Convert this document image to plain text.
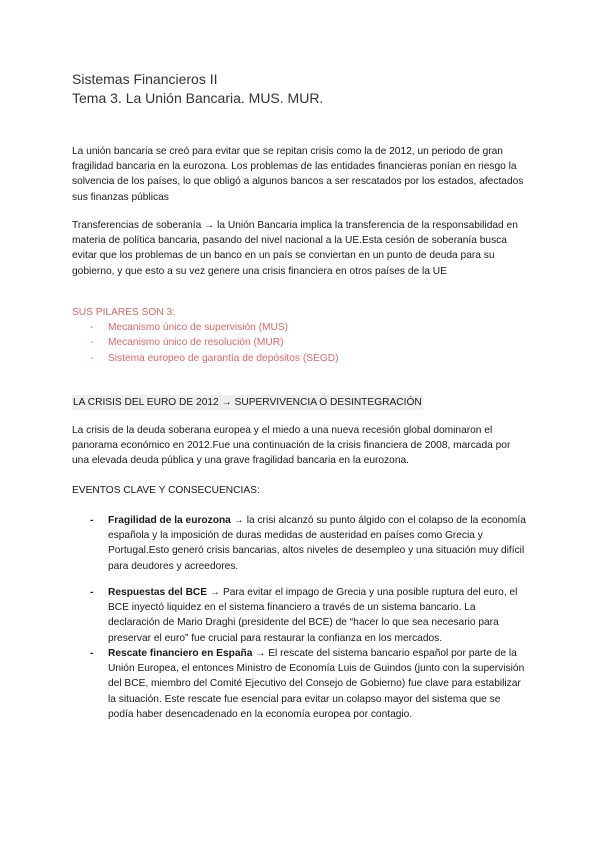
Sistemas Financieros II
Tema 3. La Unión Bancaria. MUS. MUR.
La unión bancaria se creó para evitar que se repitan crisis como la de 2012, un periodo de gran fragilidad bancaria en la eurozona. Los problemas de las entidades financieras ponían en riesgo la solvencia de los países, lo que obligó a algunos bancos a ser rescatados por los estados, afectados sus finanzas públicas
Transferencias de soberanía → la Unión Bancaria implica la transferencia de la responsabilidad en materia de política bancaria, pasando del nivel nacional a la UE.Esta cesión de soberanía busca evitar que los problemas de un banco en un país se conviertan en un punto de deuda para su gobierno, y que esto a su vez genere una crisis financiera en otros países de la UE
SUS PILARES SON 3:
- Mecanismo único de supervisión (MUS)
- Mecanismo único de resolución (MUR)
- Sistema europeo de garantía de depósitos (SEGD)
LA CRISIS DEL EURO DE 2012 → SUPERVIVENCIA O DESINTEGRACIÓN
La crisis de la deuda soberana europea y el miedo a una nueva recesión global dominaron el panorama económico en 2012.Fue una continuación de la crisis financiera de 2008, marcada por una elevada deuda pública y una grave fragilidad bancaria en la eurozona.
EVENTOS CLAVE Y CONSECUENCIAS:
- Fragilidad de la eurozona → la crisi alcanzó su punto álgido con el colapso de la economía española y la imposición de duras medidas de austeridad en países como Grecia y Portugal.Esto generó crisis bancarias, altos niveles de desempleo y una situación muy difícil para deudores y acreedores.
- Respuestas del BCE → Para evitar el impago de Grecia y una posible ruptura del euro, el BCE inyectó liquidez en el sistema financiero a través de un sistema bancario. La declaración de Mario Draghi (presidente del BCE) de “hacer lo que sea necesario para preservar el euro” fue crucial para restaurar la confianza en los mercados.
- Rescate financiero en España → El rescate del sistema bancario español por parte de la Unión Europea, el entonces Ministro de Economía Luis de Guindos (junto con la supervisión del BCE, miembro del Comité Ejecutivo del Consejo de Gobierno) fue clave para estabilizar la situación. Este rescate fue esencial para evitar un colapso mayor del sistema que se podía haber desencadenado en la economía europea por contagio.
